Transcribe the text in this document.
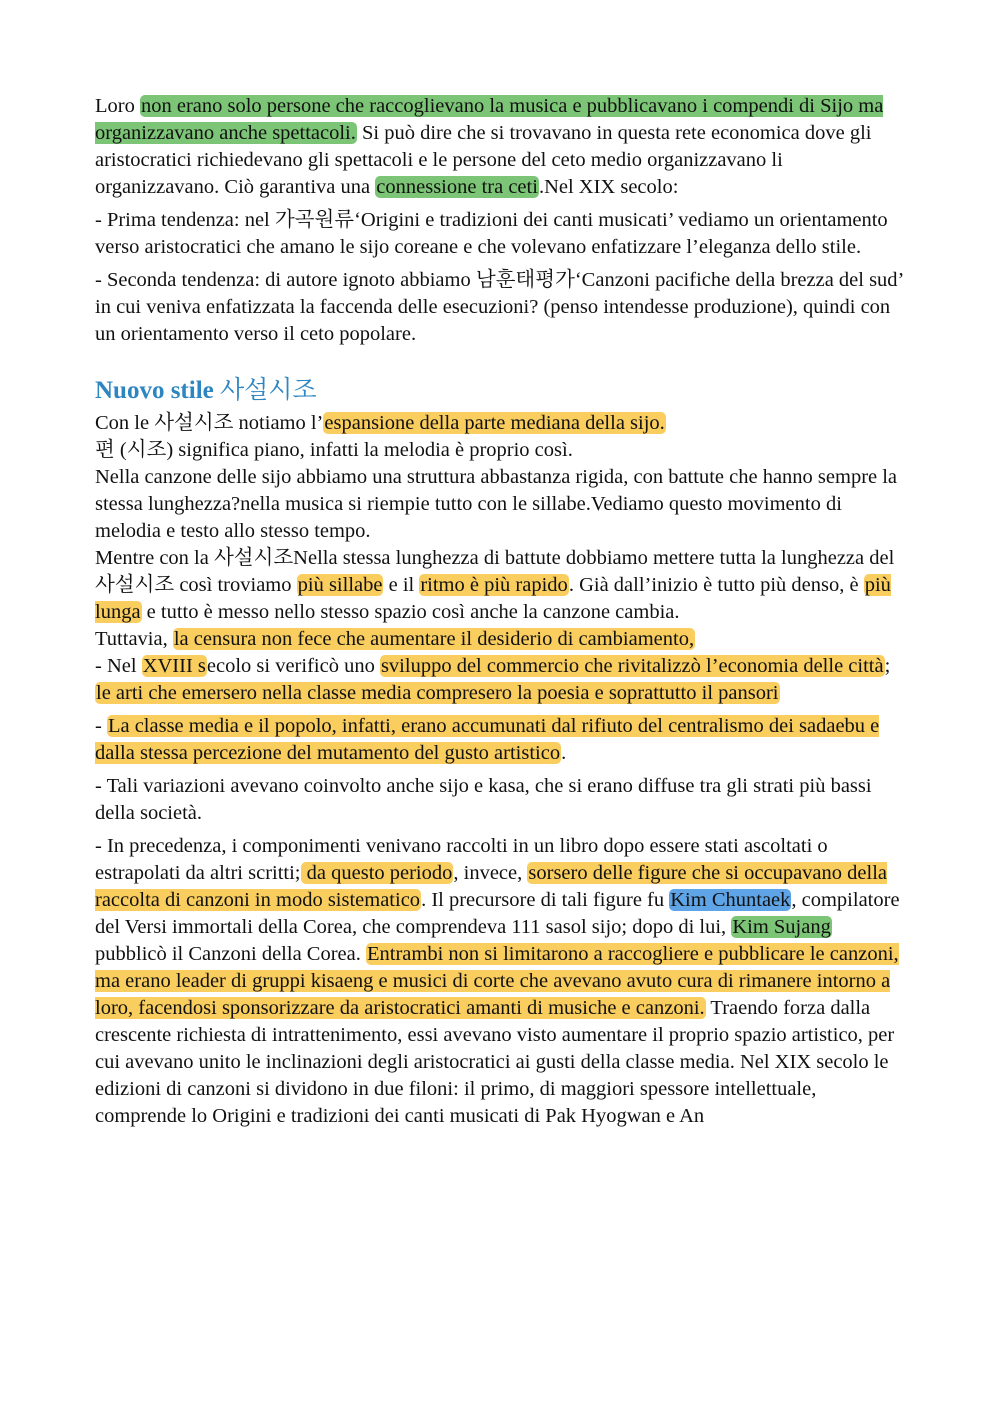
Loro non erano solo persone che raccoglievano la musica e pubblicavano i compendi di Sijo ma organizzavano anche spettacoli. Si può dire che si trovavano in questa rete economica dove gli aristocratici richiedevano gli spettacoli e le persone del ceto medio organizzavano li organizzavano. Ciò garantiva una connessione tra ceti.Nel XIX secolo:

- Prima tendenza: nel 가곡원류‘Origini e tradizioni dei canti musicati’ vediamo un orientamento verso aristocratici che amano le sijo coreane e che volevano enfatizzare l’eleganza dello stile.

- Seconda tendenza: di autore ignoto abbiamo 남훈태평가‘Canzoni pacifiche della brezza del sud’ in cui veniva enfatizzata la faccenda delle esecuzioni? (penso intendesse produzione), quindi con un orientamento verso il ceto popolare.

Nuovo stile 사설시조

Con le 사설시조 notiamo l’espansione della parte mediana della sijo.

편 (시조) significa piano, infatti la melodia è proprio così.

Nella canzone delle sijo abbiamo una struttura abbastanza rigida, con battute che hanno sempre la stessa lunghezza?nella musica si riempie tutto con le sillabe.Vediamo questo movimento di melodia e testo allo stesso tempo.

Mentre con la 사설시조Nella stessa lunghezza di battute dobbiamo mettere tutta la lunghezza del 사설시조 così troviamo più sillabe e il ritmo è più rapido. Già dall’inizio è tutto più denso, è più lunga e tutto è messo nello stesso spazio così anche la canzone cambia.

Tuttavia, la censura non fece che aumentare il desiderio di cambiamento,

- Nel XVIII secolo si verificò uno sviluppo del commercio che rivitalizzò l’economia delle città; le arti che emersero nella classe media compresero la poesia e soprattutto il pansori

- La classe media e il popolo, infatti, erano accumunati dal rifiuto del centralismo dei sadaebu e dalla stessa percezione del mutamento del gusto artistico.

- Tali variazioni avevano coinvolto anche sijo e kasa, che si erano diffuse tra gli strati più bassi della società.

- In precedenza, i componimenti venivano raccolti in un libro dopo essere stati ascoltati o estrapolati da altri scritti; da questo periodo, invece, sorsero delle figure che si occupavano della raccolta di canzoni in modo sistematico. Il precursore di tali figure fu Kim Chuntaek, compilatore del Versi immortali della Corea, che comprendeva 111 sasol sijo; dopo di lui, Kim Sujang pubblicò il Canzoni della Corea. Entrambi non si limitarono a raccogliere e pubblicare le canzoni, ma erano leader di gruppi kisaeng e musici di corte che avevano avuto cura di rimanere intorno a loro, facendosi sponsorizzare da aristocratici amanti di musiche e canzoni. Traendo forza dalla crescente richiesta di intrattenimento, essi avevano visto aumentare il proprio spazio artistico, per cui avevano unito le inclinazioni degli aristocratici ai gusti della classe media. Nel XIX secolo le edizioni di canzoni si dividono in due filoni: il primo, di maggiori spessore intellettuale, comprende lo Origini e tradizioni dei canti musicati di Pak Hyogwan e An
